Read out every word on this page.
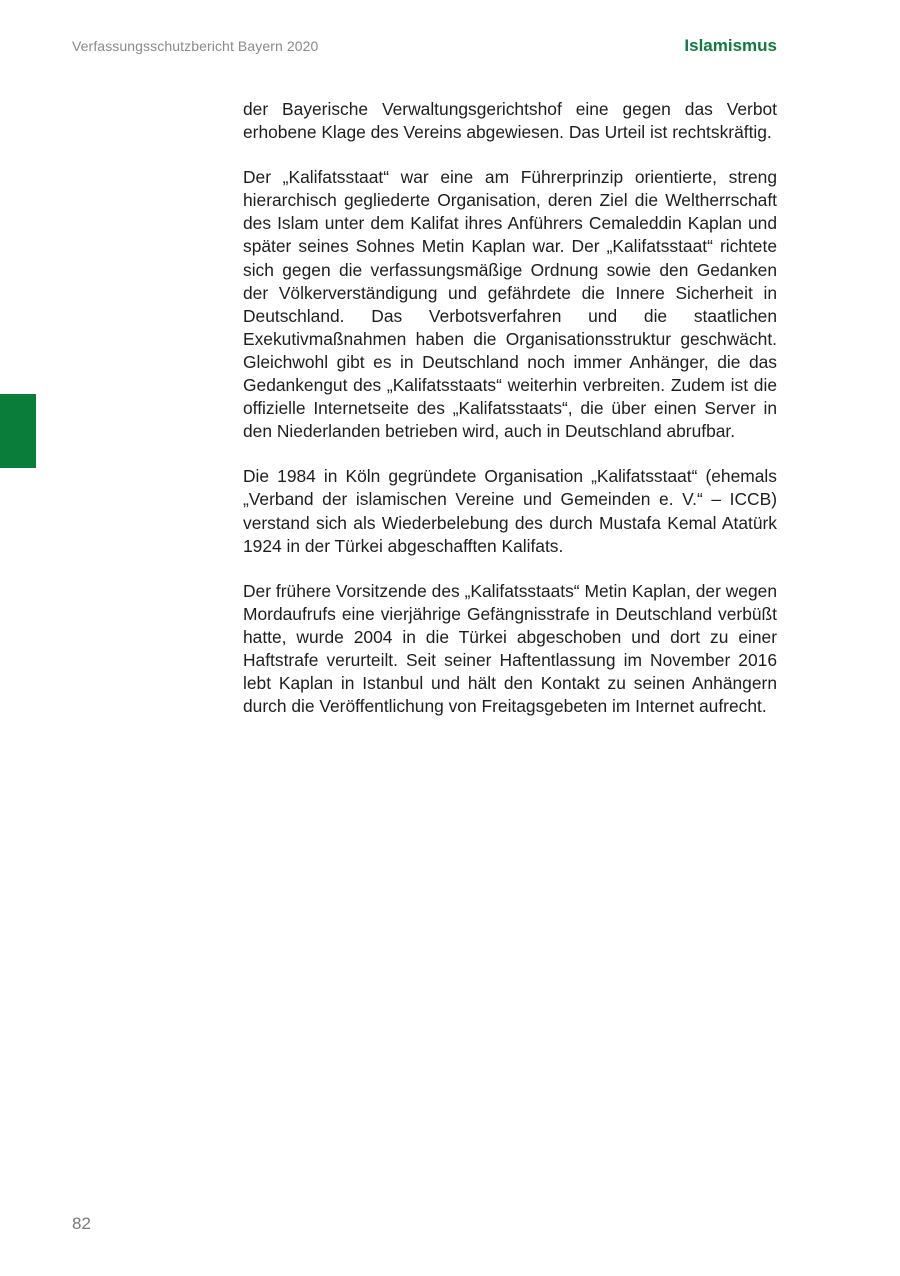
Verfassungsschutzbericht Bayern 2020	Islamismus

der Bayerische Verwaltungsgerichtshof eine gegen das Verbot erhobene Klage des Vereins abgewiesen. Das Urteil ist rechtskräftig.

Der „Kalifatsstaat“ war eine am Führerprinzip orientierte, streng hierarchisch gegliederte Organisation, deren Ziel die Weltherrschaft des Islam unter dem Kalifat ihres Anführers Cemaleddin Kaplan und später seines Sohnes Metin Kaplan war. Der „Kalifatsstaat“ richtete sich gegen die verfassungsmäßige Ordnung sowie den Gedanken der Völkerverständigung und gefährdete die Innere Sicherheit in Deutschland. Das Verbotsverfahren und die staatlichen Exekutivmaßnahmen haben die Organisationsstruktur geschwächt. Gleichwohl gibt es in Deutschland noch immer Anhänger, die das Gedankengut des „Kalifatsstaats“ weiterhin verbreiten. Zudem ist die offizielle Internetseite des „Kalifatsstaats“, die über einen Server in den Niederlanden betrieben wird, auch in Deutschland abrufbar.

Die 1984 in Köln gegründete Organisation „Kalifatsstaat“ (ehemals „Verband der islamischen Vereine und Gemeinden e. V.“ – ICCB) verstand sich als Wiederbelebung des durch Mustafa Kemal Atatürk 1924 in der Türkei abgeschafften Kalifats.

Der frühere Vorsitzende des „Kalifatsstaats“ Metin Kaplan, der wegen Mordaufrufs eine vierjährige Gefängnisstrafe in Deutschland verbüßt hatte, wurde 2004 in die Türkei abgeschoben und dort zu einer Haftstrafe verurteilt. Seit seiner Haftentlassung im November 2016 lebt Kaplan in Istanbul und hält den Kontakt zu seinen Anhängern durch die Veröffentlichung von Freitagsgebeten im Internet aufrecht.

82
